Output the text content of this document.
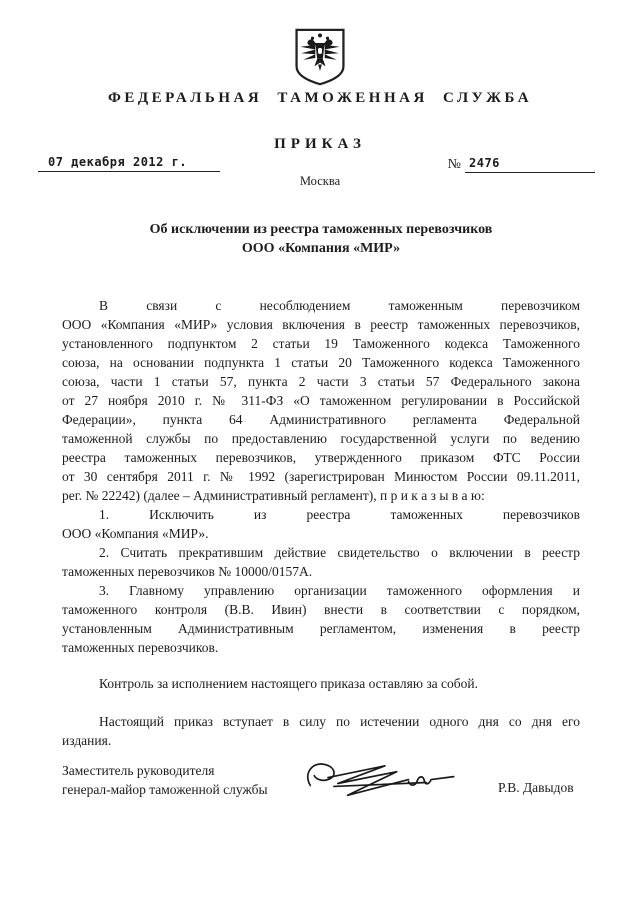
ФЕДЕРАЛЬНАЯ ТАМОЖЕННАЯ СЛУЖБА
ПРИКАЗ
07 декабря 2012 г.	№ 2476
Москва
Об исключении из реестра таможенных перевозчиков
ООО «Компания «МИР»
В связи с несоблюдением таможенным перевозчиком
ООО «Компания «МИР» условия включения в реестр таможенных перевозчиков,
установленного подпунктом 2 статьи 19 Таможенного кодекса Таможенного
союза, на основании подпункта 1 статьи 20 Таможенного кодекса Таможенного
союза, части 1 статьи 57, пункта 2 части 3 статьи 57 Федерального закона
от 27 ноября 2010 г. № 311-ФЗ «О таможенном регулировании в Российской
Федерации», пункта 64 Административного регламента Федеральной
таможенной службы по предоставлению государственной услуги по ведению
реестра таможенных перевозчиков, утвержденного приказом ФТС России
от 30 сентября 2011 г. № 1992 (зарегистрирован Минюстом России 09.11.2011,
рег. № 22242) (далее – Административный регламент), п р и к а з ы в а ю:
1. Исключить из реестра таможенных перевозчиков
ООО «Компания «МИР».
2. Считать прекратившим действие свидетельство о включении в реестр
таможенных перевозчиков № 10000/0157А.
3. Главному управлению организации таможенного оформления и
таможенного контроля (В.В. Ивин) внести в соответствии с порядком,
установленным Административным регламентом, изменения в реестр
таможенных перевозчиков.
Контроль за исполнением настоящего приказа оставляю за собой.
Настоящий приказ вступает в силу по истечении одного дня со дня его
издания.
Заместитель руководителя
генерал-майор таможенной службы	Р.В. Давыдов
